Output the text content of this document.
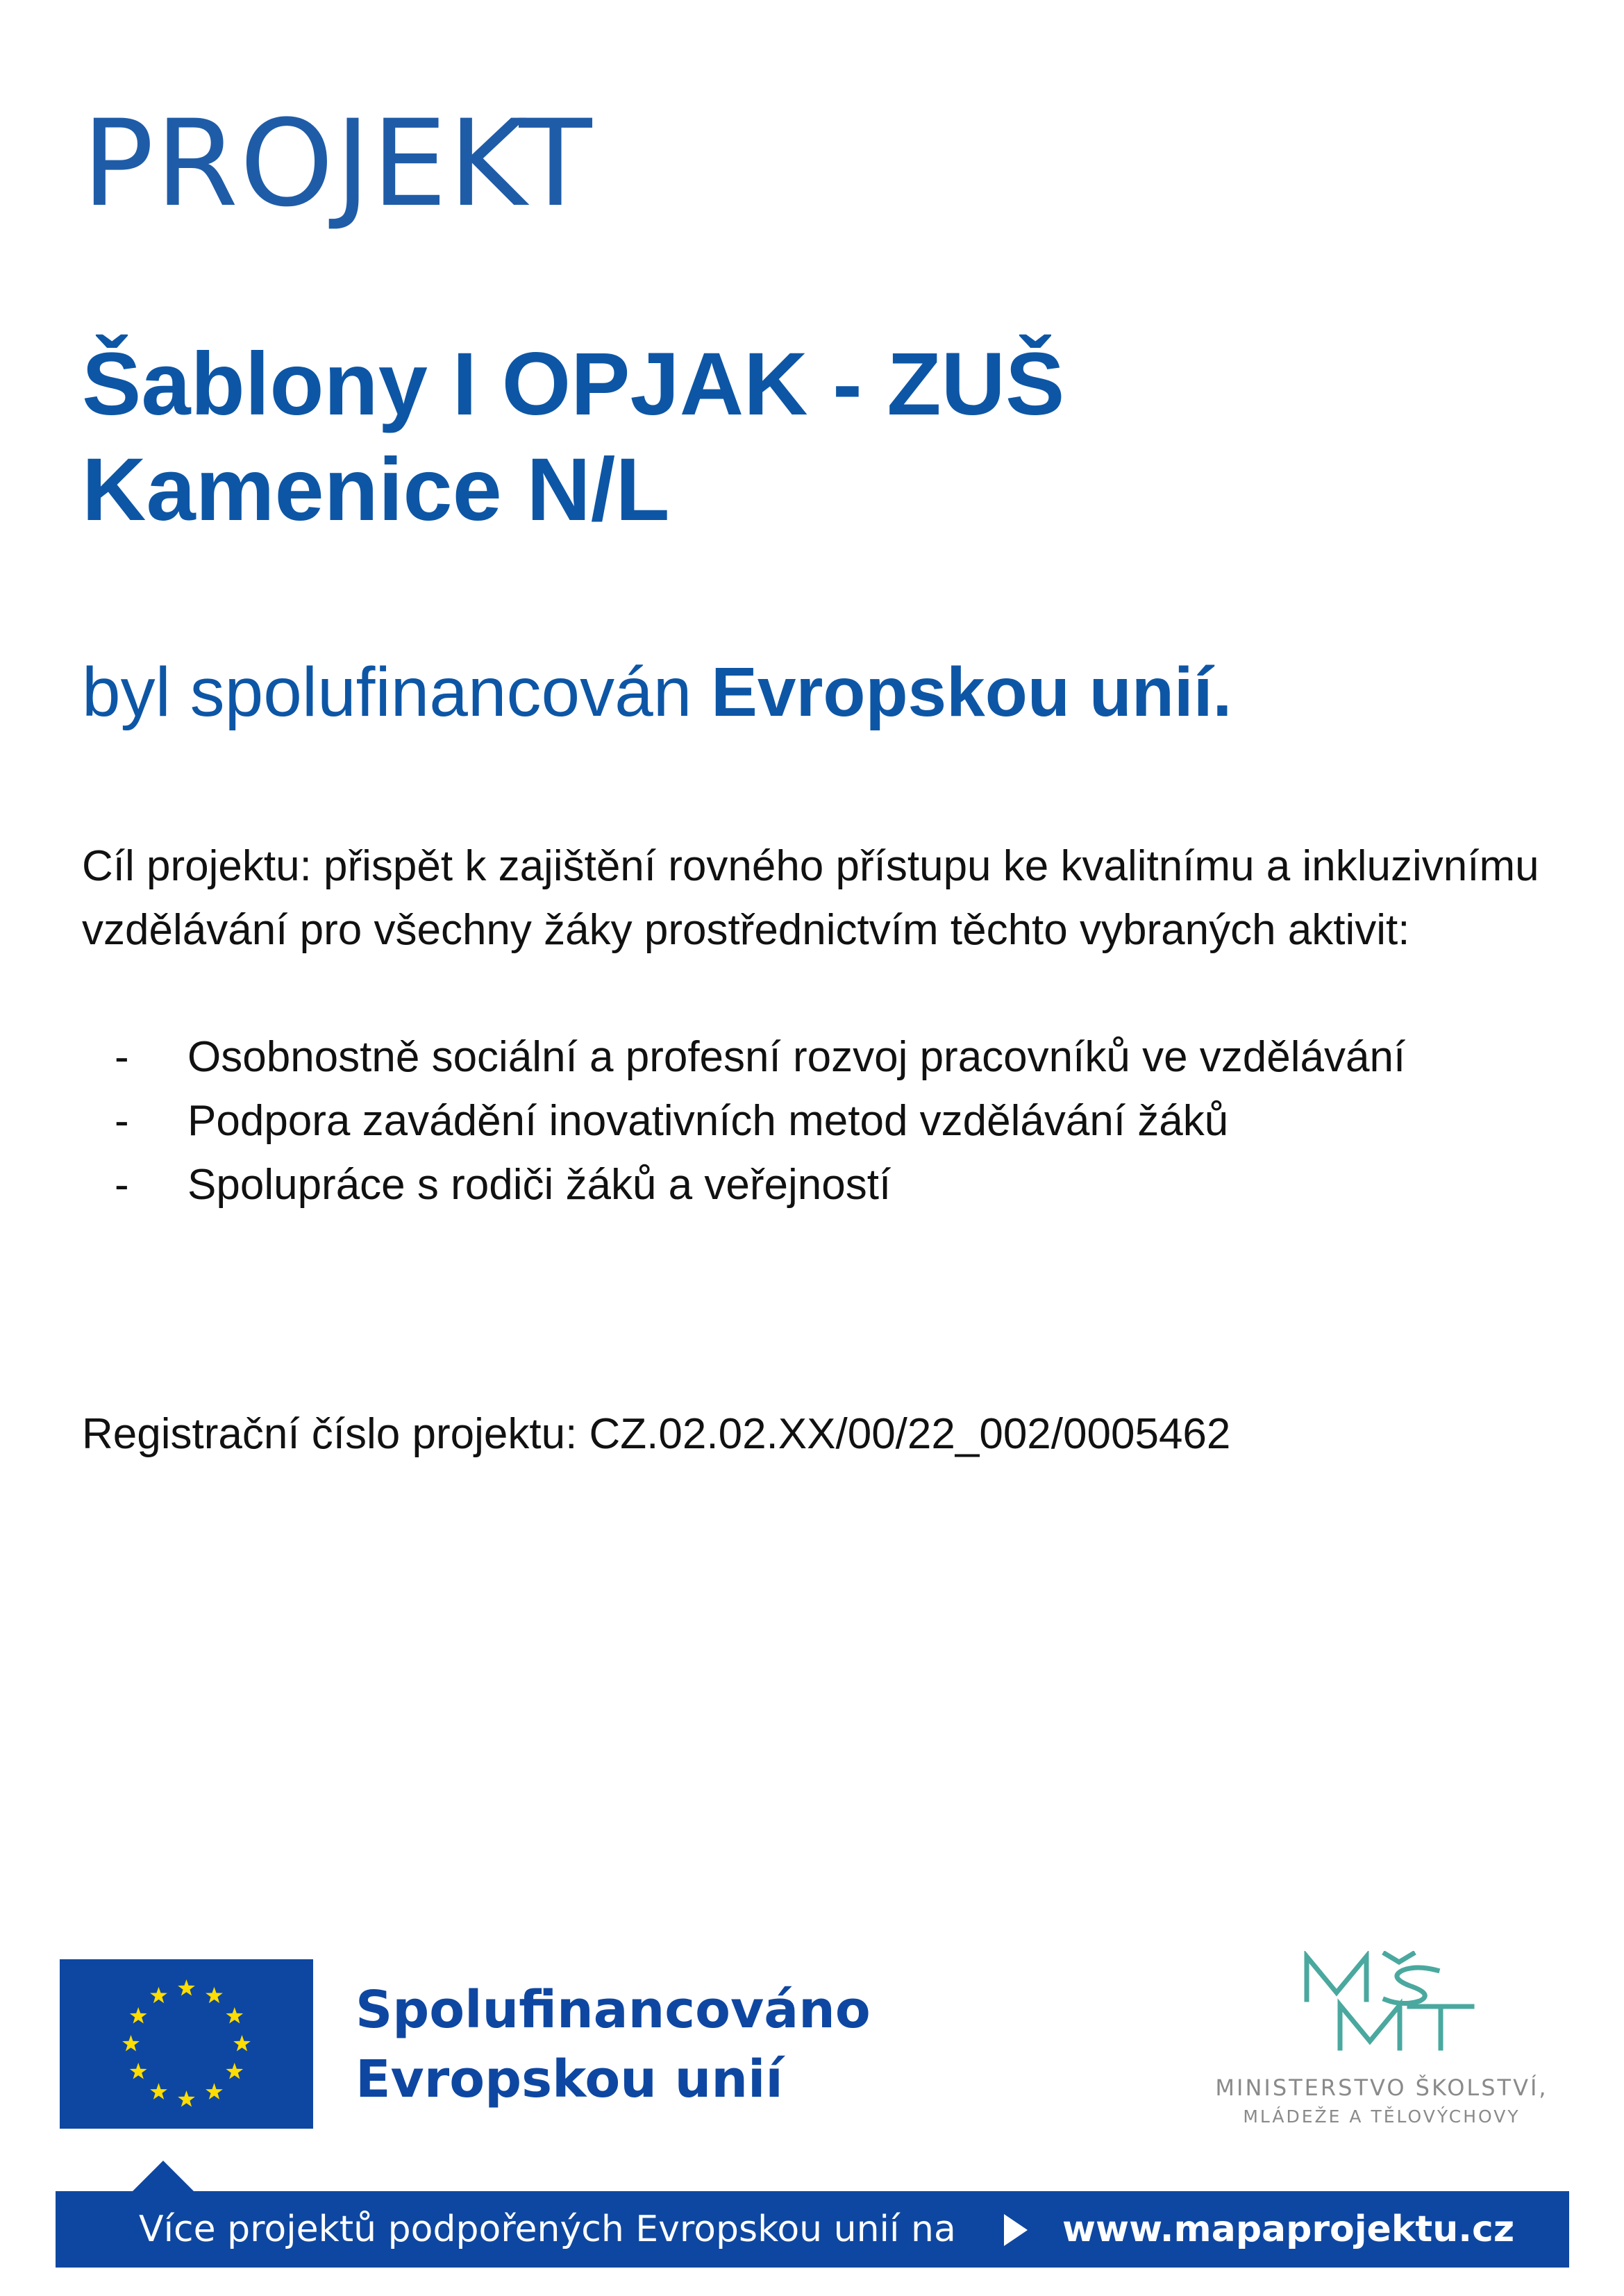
PROJEKT
Šablony I OPJAK - ZUŠ
Kamenice N/L
byl spolufinancován Evropskou unií.
Cíl projektu: přispět k zajištění rovného přístupu ke kvalitnímu a inkluzivnímu vzdělávání pro všechny žáky prostřednictvím těchto vybraných aktivit:
- Osobnostně sociální a profesní rozvoj pracovníků ve vzdělávání
- Podpora zavádění inovativních metod vzdělávání žáků
- Spolupráce s rodiči žáků a veřejností
Registrační číslo projektu: CZ.02.02.XX/00/22_002/0005462
Spolufinancováno
Evropskou unií	MINISTERSTVO ŠKOLSTVÍ,
MLÁDEŽE A TĚLOVÝCHOVY
Více projektů podpořených Evropskou unií na	www.mapaprojektu.cz
